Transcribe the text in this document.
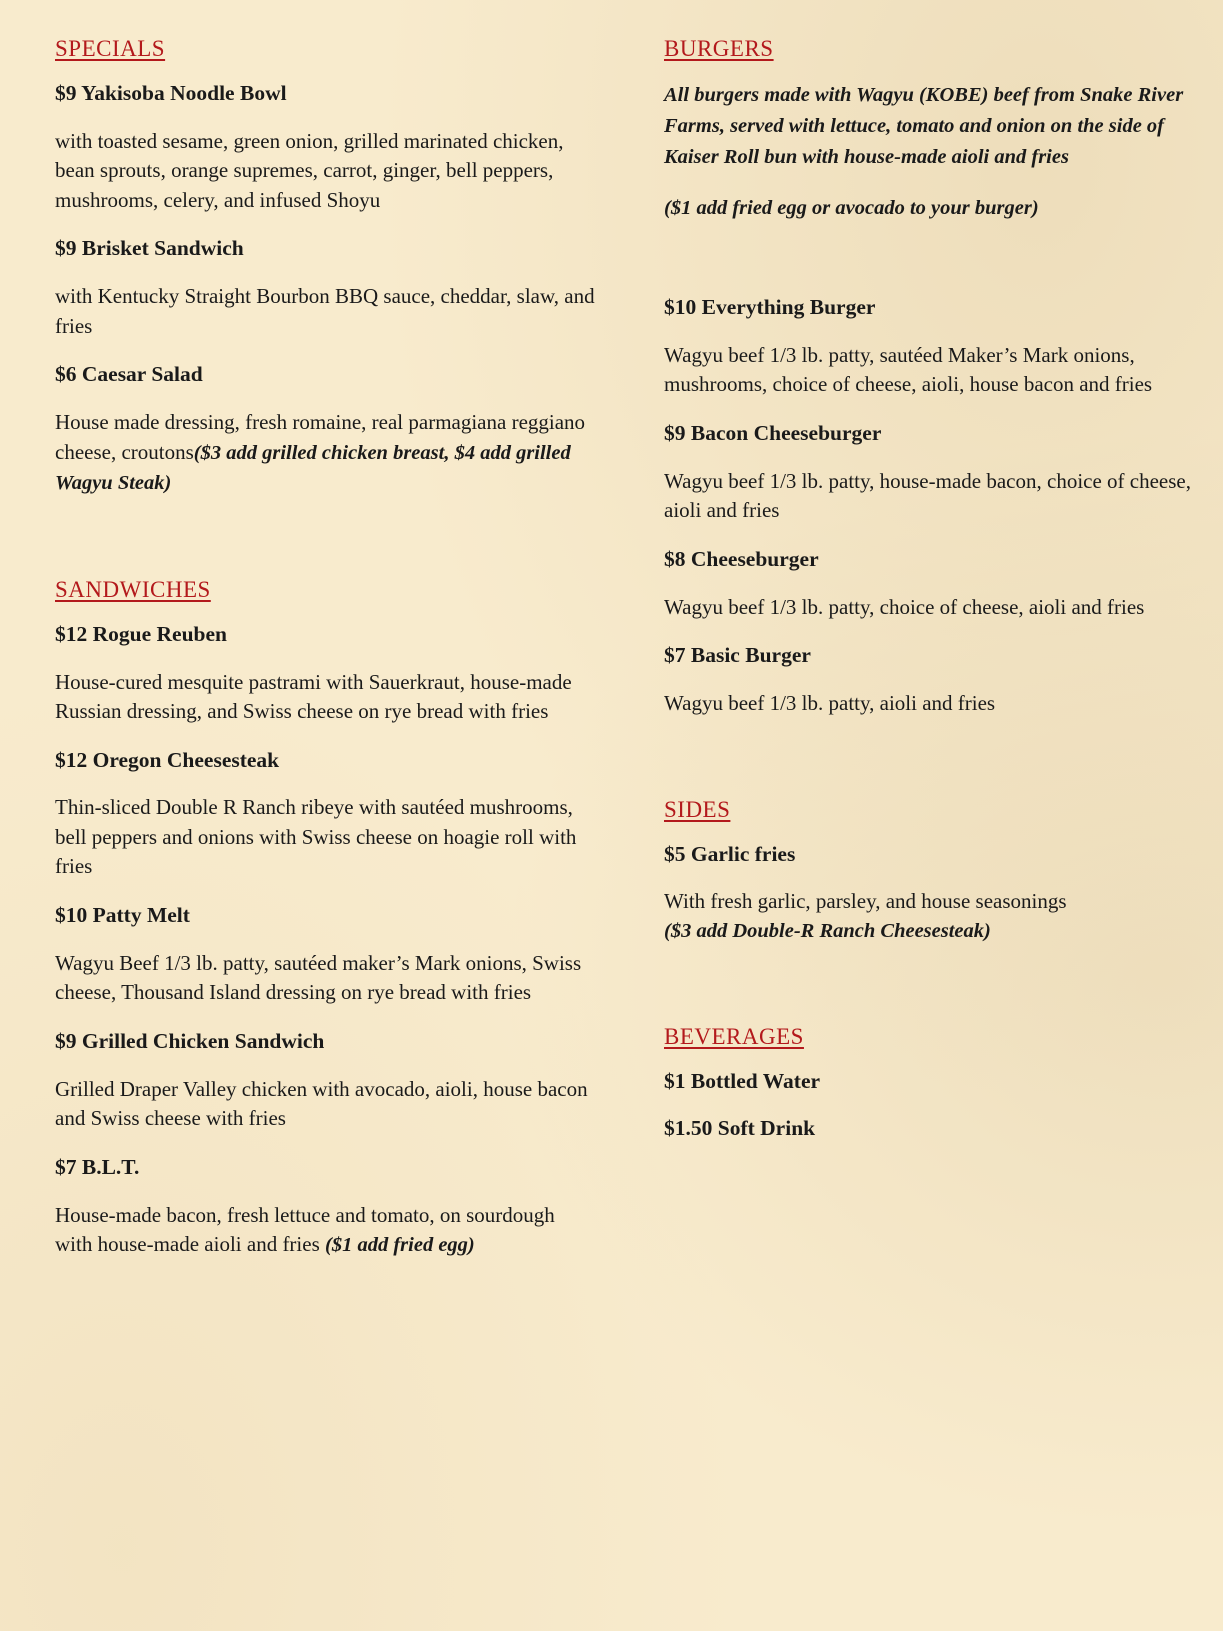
SPECIALS
$9 Yakisoba Noodle Bowl
with toasted sesame, green onion, grilled marinated chicken, bean sprouts, orange supremes, carrot, ginger, bell peppers, mushrooms, celery, and infused Shoyu
$9 Brisket Sandwich
with Kentucky Straight Bourbon BBQ sauce, cheddar, slaw, and fries
$6 Caesar Salad
House made dressing, fresh romaine, real parmagiana reggiano cheese, croutons($3 add grilled chicken breast, $4 add grilled Wagyu Steak)
SANDWICHES
$12 Rogue Reuben
House-cured mesquite pastrami with Sauerkraut, house-made Russian dressing, and Swiss cheese on rye bread with fries
$12 Oregon Cheesesteak
Thin-sliced Double R Ranch ribeye with sautéed mushrooms, bell peppers and onions with Swiss cheese on hoagie roll with fries
$10 Patty Melt
Wagyu Beef 1/3 lb. patty, sautéed maker’s Mark onions, Swiss cheese, Thousand Island dressing on rye bread with fries
$9 Grilled Chicken Sandwich
Grilled Draper Valley chicken with avocado, aioli, house bacon and Swiss cheese with fries
$7 B.L.T.
House-made bacon, fresh lettuce and tomato, on sourdough with house-made aioli and fries ($1 add fried egg)
BURGERS
All burgers made with Wagyu (KOBE) beef from Snake River Farms, served with lettuce, tomato and onion on the side of Kaiser Roll bun with house-made aioli and fries
($1 add fried egg or avocado to your burger)
$10 Everything Burger
Wagyu beef 1/3 lb. patty, sautéed Maker’s Mark onions, mushrooms, choice of cheese, aioli, house bacon and fries
$9 Bacon Cheeseburger
Wagyu beef 1/3 lb. patty, house-made bacon, choice of cheese, aioli and fries
$8 Cheeseburger
Wagyu beef 1/3 lb. patty, choice of cheese, aioli and fries
$7 Basic Burger
Wagyu beef 1/3 lb. patty, aioli and fries
SIDES
$5 Garlic fries
With fresh garlic, parsley, and house seasonings
($3 add Double-R Ranch Cheesesteak)
BEVERAGES
$1 Bottled Water
$1.50 Soft Drink
